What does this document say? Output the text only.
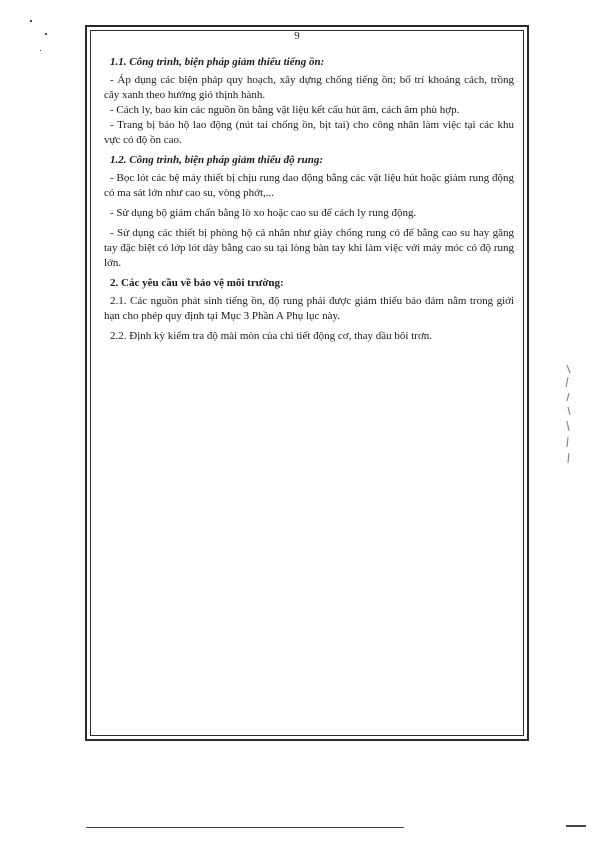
9

1.1. Công trình, biện pháp giảm thiểu tiếng ồn:

- Áp dụng các biện pháp quy hoạch, xây dựng chống tiếng ồn; bố trí khoảng cách, trồng cây xanh theo hướng gió thịnh hành.

- Cách ly, bao kín các nguồn ồn bằng vật liệu kết cấu hút âm, cách âm phù hợp.

- Trang bị bảo hộ lao động (nút tai chống ồn, bịt tai) cho công nhân làm việc tại các khu vực có độ ồn cao.

1.2. Công trình, biện pháp giảm thiểu độ rung:

- Bọc lót các bệ máy thiết bị chịu rung dao động bằng các vật liệu hút hoặc giảm rung động có ma sát lớn như cao su, vòng phớt,...

- Sử dụng bộ giảm chấn bằng lò xo hoặc cao su để cách ly rung động.

- Sử dụng các thiết bị phòng hộ cá nhân như giày chống rung có đế bằng cao su hay găng tay đặc biệt có lớp lót dày bằng cao su tại lòng bàn tay khi làm việc với máy móc có độ rung lớn.

2. Các yêu cầu về bảo vệ môi trường:

2.1. Các nguồn phát sinh tiếng ồn, độ rung phải được giảm thiểu bảo đảm nằm trong giới hạn cho phép quy định tại Mục 3 Phần A Phụ lục này.

2.2. Định kỳ kiểm tra độ mài mòn của chi tiết động cơ, thay dầu bôi trơn.
